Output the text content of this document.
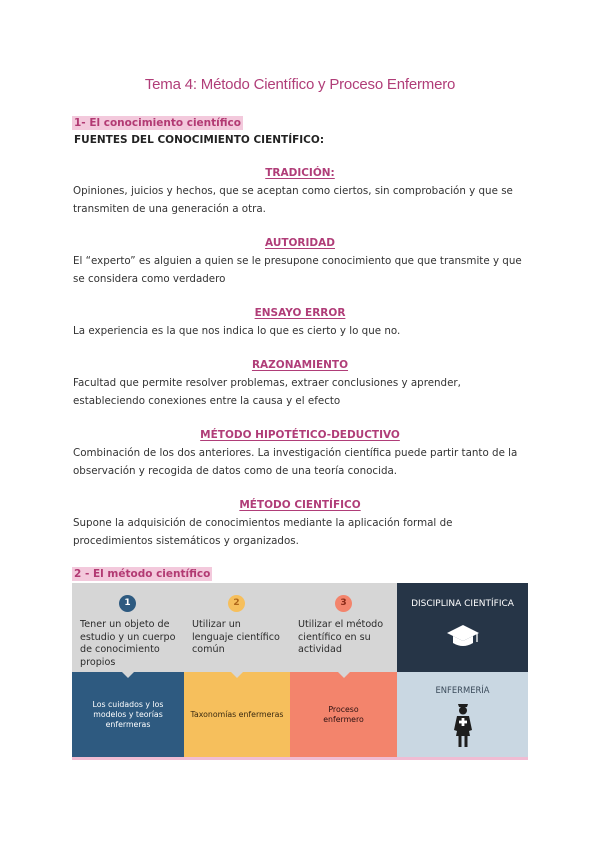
Tema 4: Método Científico y Proceso Enfermero
1- El conocimiento científico
FUENTES DEL CONOCIMIENTO CIENTÍFICO:
TRADICIÓN:
Opiniones, juicios y hechos, que se aceptan como ciertos, sin comprobación y que se transmiten de una generación a otra.
AUTORIDAD
El “experto” es alguien a quien se le presupone conocimiento que que transmite y que se considera como verdadero
ENSAYO ERROR
La experiencia es la que nos indica lo que es cierto y lo que no.
RAZONAMIENTO
Facultad que permite resolver problemas, extraer conclusiones y aprender, estableciendo conexiones entre la causa y el efecto
MÉTODO HIPOTÉTICO-DEDUCTIVO
Combinación de los dos anteriores. La investigación científica puede partir tanto de la observación y recogida de datos como de una teoría conocida.
MÉTODO CIENTÍFICO
Supone la adquisición de conocimientos mediante la aplicación formal de procedimientos sistemáticos y organizados.
2 - El método científico
1
Tener un objeto de
estudio y un cuerpo
de conocimiento
propios
2
Utilizar un
lenguaje científico
común
3
Utilizar el método
científico en su
actividad
Los cuidados y los
modelos y teorías
enfermeras
Taxonomías enfermeras
Proceso
enfermero
DISCIPLINA CIENTÍFICA
ENFERMERÍA
